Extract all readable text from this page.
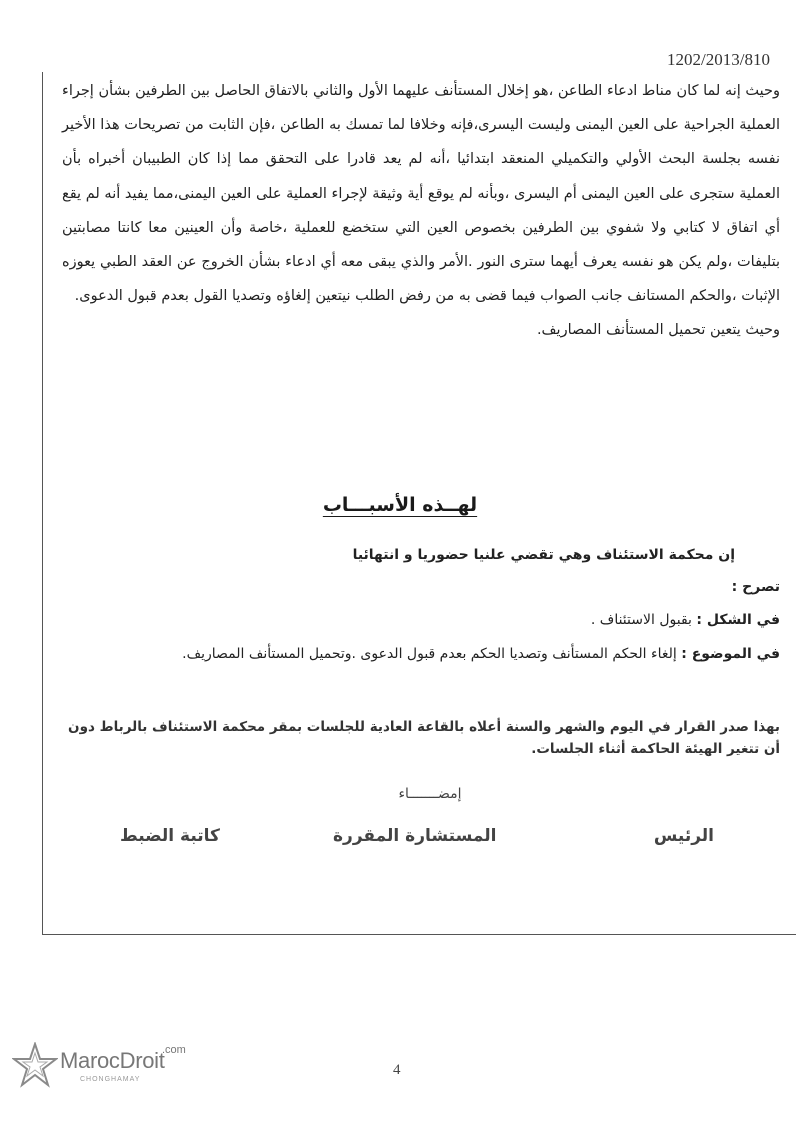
1202/2013/810

وحيث إنه لما كان مناط ادعاء الطاعن ،هو إخلال المستأنف عليهما الأول والثاني بالاتفاق الحاصل بين الطرفين بشأن إجراء العملية الجراحية على العين اليمنى وليست اليسرى،فإنه وخلافا لما تمسك به الطاعن ،فإن الثابت من تصريحات هذا الأخير نفسه بجلسة البحث الأولي والتكميلي المنعقد ابتدائيا ،أنه لم يعد قادرا على التحقق مما إذا كان الطبيبان أخبراه بأن العملية ستجرى على العين اليمنى أم اليسرى ،وبأنه لم يوقع أية وثيقة لإجراء العملية على العين اليمنى،مما يفيد أنه لم يقع أي اتفاق لا كتابي ولا شفوي بين الطرفين بخصوص العين التي ستخضع للعملية ،خاصة وأن العينين معا كانتا مصابتين بتليفات ،ولم يكن هو نفسه يعرف أيهما سترى النور .الأمر والذي يبقى معه أي ادعاء بشأن الخروج عن العقد الطبي يعوزه الإثبات ،والحكم المستانف جانب الصواب فيما قضى به من رفض الطلب نيتعين إلغاؤه وتصديا القول بعدم قبول الدعوى.

وحيث يتعين تحميل المستأنف المصاريف.

لهــذه الأسبـــاب
إن محكمة الاستئناف وهي تقضي علنيا حضوريا و انتهائيا
تصرح :
في الشكل : بقبول الاستئناف .
في الموضوع : إلغاء الحكم المستأنف وتصديا الحكم بعدم قبول الدعوى .وتحميل المستأنف المصاريف.
بهذا صدر القرار في اليوم والشهر والسنة أعلاه بالقاعة العادية للجلسات بمقر محكمة الاستئناف بالرباط دون أن تتغير الهيئة الحاكمة أثناء الجلسات.
إمضـــــــاء
الرئيس
المستشارة المقررة
كاتبة الضبط
4
MarocDroit
.com
CHONGHAMAY
